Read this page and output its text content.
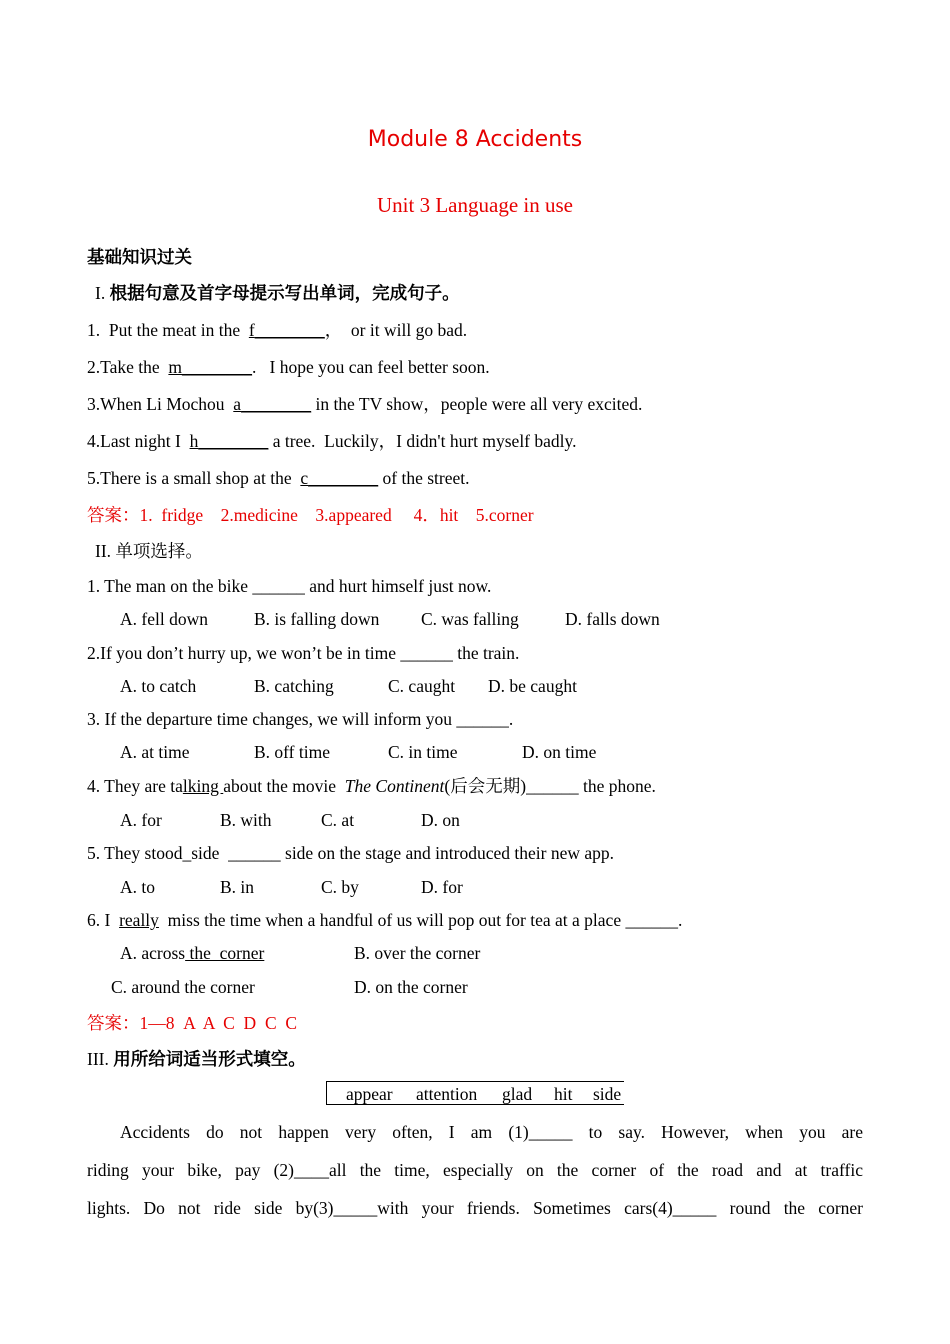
Module 8 Accidents
Unit 3 Language in use
基础知识过关
I. 根据句意及首字母提示写出单词，完成句子。
1.  Put the meat in the  f________，  or it will go bad.
2.Take the  m________.   I hope you can feel better soon.
3.When Li Mochou  a________ in the TV show，people were all very excited.
4.Last night I  h________ a tree.  Luckily，I didn't hurt myself badly.
5.There is a small shop at the  c________ of the street.
答案：1.  fridge    2.medicine    3.appeared     4．hit    5.corner
II. 单项选择。
1. The man on the bike ______ and hurt himself just now.
A. fell down	B. is falling down C. was falling	D. falls down
2.If you don’t hurry up, we won’t be in time ______ the train.
A. to catch	B. catching	C. caught D. be caught
3. If the departure time changes, we will inform you ______.
A. at time	B. off time	C. in time	D. on time
4. They are talking about the movie  The Continent(后会无期)______ the phone.
A. for	B. with	C. at	D. on
5. They stood_side  ______ side on the stage and introduced their new app.
A. to	B. in	C. by	D. for
6. I  really  miss the time when a handful of us will pop out for tea at a place ______.
A. across the  corner	B. over the corner
C. around the corner	D. on the corner
答案：1—8  A  A  C  D  C  C
III. 用所给词适当形式填空。
appear attention glad hit side
Accidents do not happen very often, I am (1)_____ to say. However, when you are
riding your bike, pay (2)____all the time, especially on the corner of the road and at traffic
lights. Do not ride side by(3)_____with your friends. Sometimes cars(4)_____ round the corner
